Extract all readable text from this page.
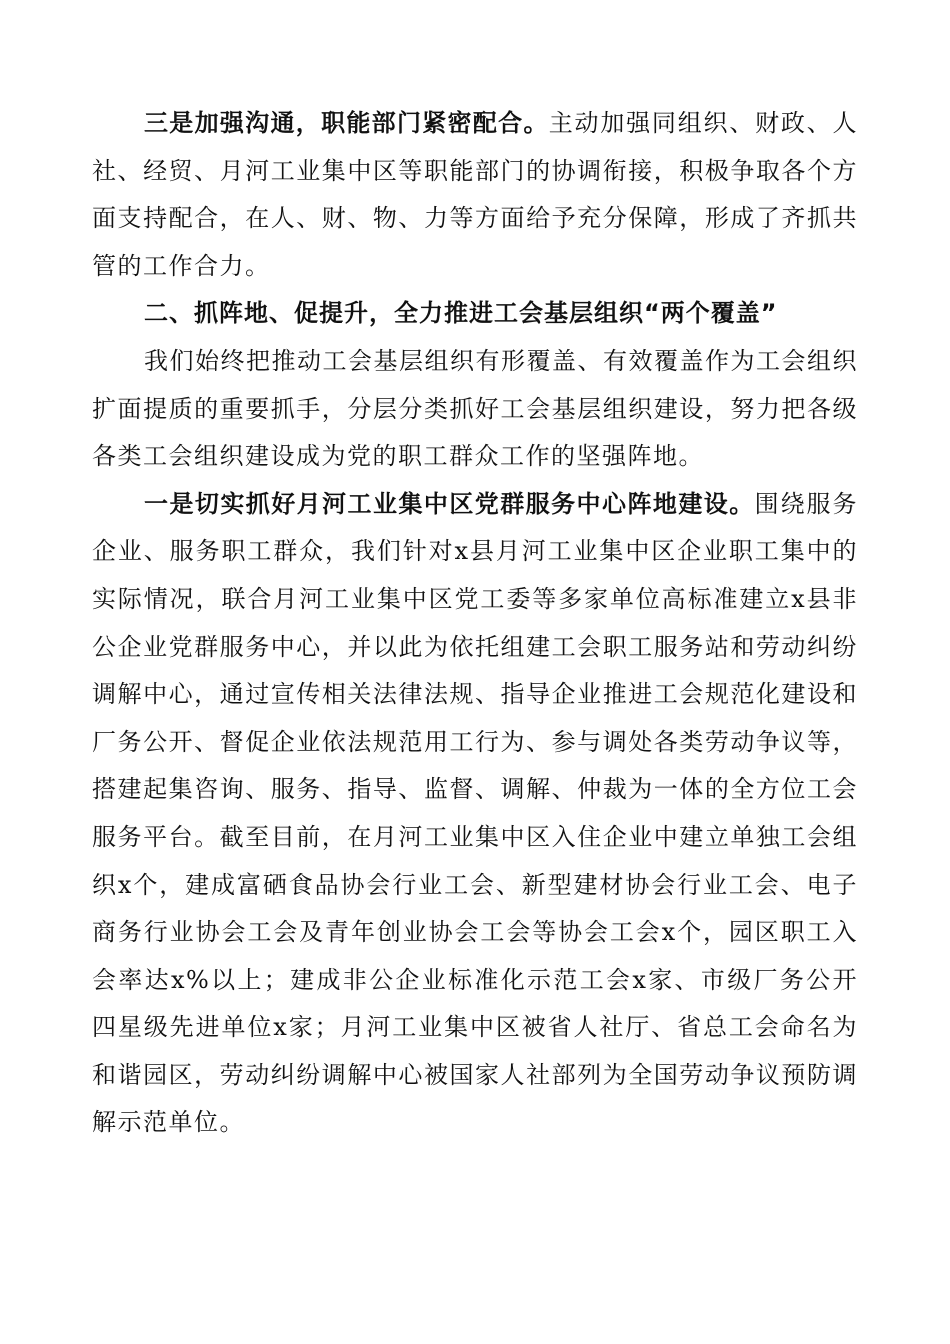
三是加强沟通，职能部门紧密配合。主动加强同组织、财政、人社、经贸、月河工业集中区等职能部门的协调衔接，积极争取各个方面支持配合，在人、财、物、力等方面给予充分保障，形成了齐抓共管的工作合力。

二、抓阵地、促提升，全力推进工会基层组织“两个覆盖”

我们始终把推动工会基层组织有形覆盖、有效覆盖作为工会组织扩面提质的重要抓手，分层分类抓好工会基层组织建设，努力把各级各类工会组织建设成为党的职工群众工作的坚强阵地。

一是切实抓好月河工业集中区党群服务中心阵地建设。围绕服务企业、服务职工群众，我们针对x县月河工业集中区企业职工集中的实际情况，联合月河工业集中区党工委等多家单位高标准建立x县非公企业党群服务中心，并以此为依托组建工会职工服务站和劳动纠纷调解中心，通过宣传相关法律法规、指导企业推进工会规范化建设和厂务公开、督促企业依法规范用工行为、参与调处各类劳动争议等，搭建起集咨询、服务、指导、监督、调解、仲裁为一体的全方位工会服务平台。截至目前，在月河工业集中区入住企业中建立单独工会组织x个，建成富硒食品协会行业工会、新型建材协会行业工会、电子商务行业协会工会及青年创业协会工会等协会工会x个，园区职工入会率达x%以上；建成非公企业标准化示范工会x家、市级厂务公开四星级先进单位x家；月河工业集中区被省人社厅、省总工会命名为和谐园区，劳动纠纷调解中心被国家人社部列为全国劳动争议预防调解示范单位。
